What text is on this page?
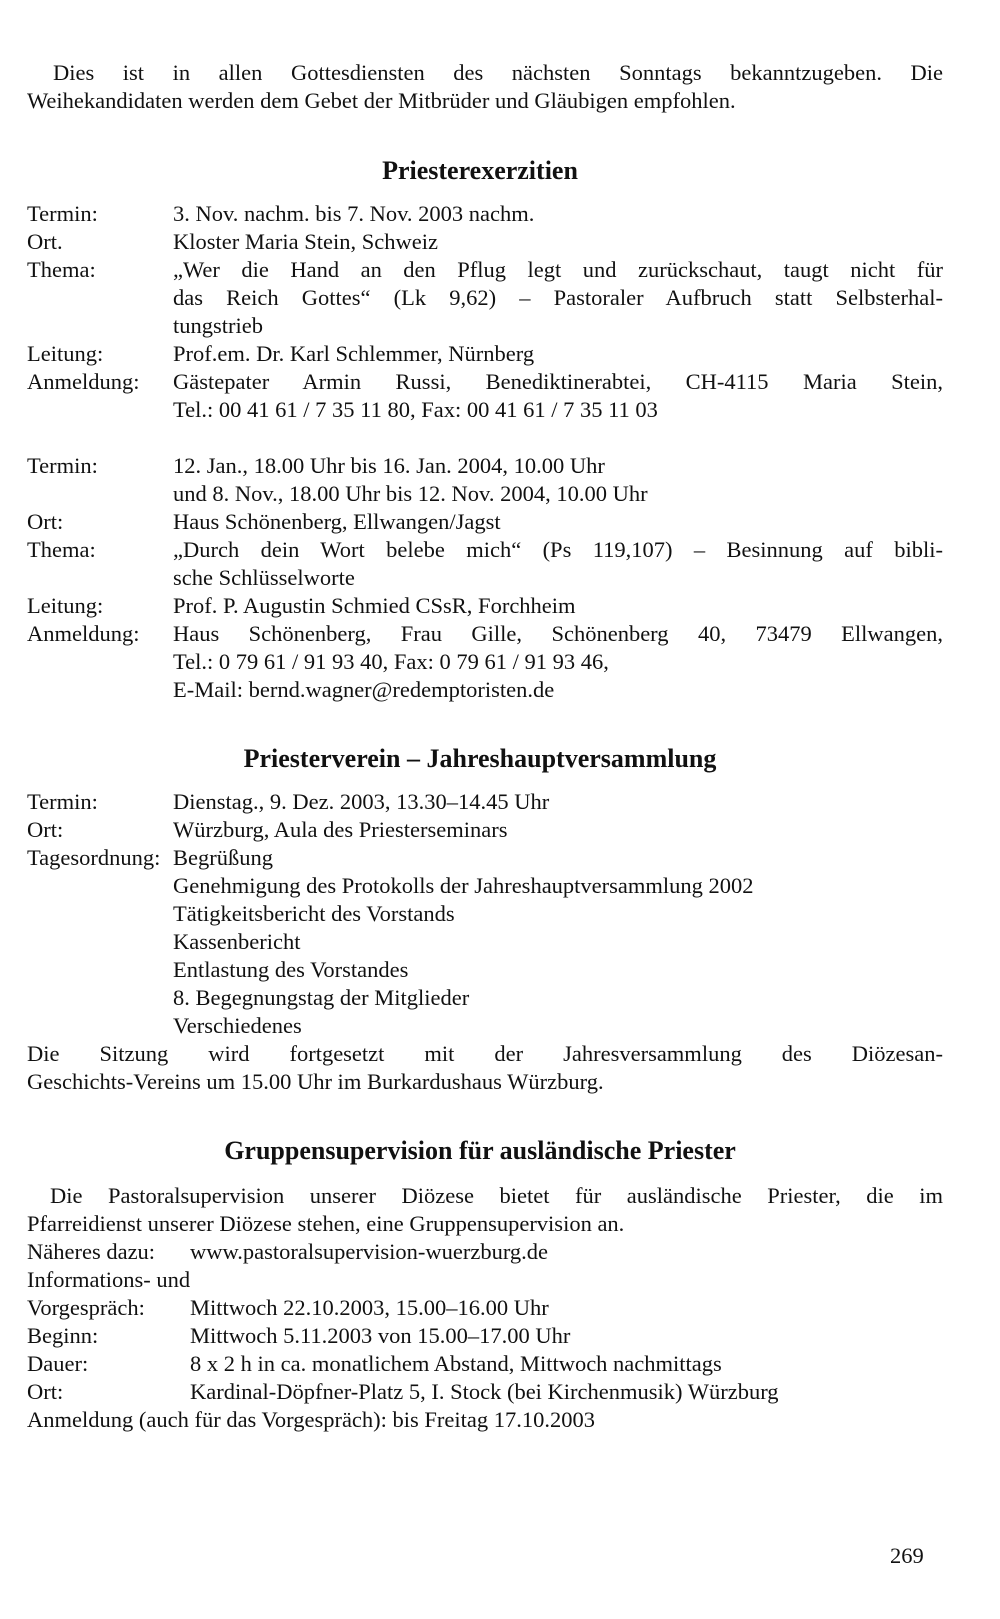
Dies ist in allen Gottesdiensten des nächsten Sonntags bekanntzugeben. Die
Weihekandidaten werden dem Gebet der Mitbrüder und Gläubigen empfohlen.
Priesterexerzitien
Termin:	3. Nov. nachm. bis 7. Nov. 2003 nachm.
Ort.	Kloster Maria Stein, Schweiz
Thema:	„Wer die Hand an den Pflug legt und zurückschaut, taugt nicht für
das Reich Gottes“ (Lk 9,62) – Pastoraler Aufbruch statt Selbsterhal-
tungstrieb
Leitung:	Prof.em. Dr. Karl Schlemmer, Nürnberg
Anmeldung: Gästepater Armin Russi, Benediktinerabtei, CH-4115 Maria Stein,
Tel.: 00 41 61 / 7 35 11 80, Fax: 00 41 61 / 7 35 11 03
Termin:	12. Jan., 18.00 Uhr bis 16. Jan. 2004, 10.00 Uhr
und 8. Nov., 18.00 Uhr bis 12. Nov. 2004, 10.00 Uhr
Ort:	Haus Schönenberg, Ellwangen/Jagst
Thema:	„Durch dein Wort belebe mich“ (Ps 119,107) – Besinnung auf bibli-
sche Schlüsselworte
Leitung:	Prof. P. Augustin Schmied CSsR, Forchheim
Anmeldung: Haus Schönenberg, Frau Gille, Schönenberg 40, 73479 Ellwangen,
Tel.: 0 79 61 / 91 93 40, Fax: 0 79 61 / 91 93 46,
E-Mail: bernd.wagner@redemptoristen.de
Priesterverein – Jahreshauptversammlung
Termin:	Dienstag., 9. Dez. 2003, 13.30–14.45 Uhr
Ort:	Würzburg, Aula des Priesterseminars
Tagesordnung: Begrüßung
Genehmigung des Protokolls der Jahreshauptversammlung 2002
Tätigkeitsbericht des Vorstands
Kassenbericht
Entlastung des Vorstandes
8. Begegnungstag der Mitglieder
Verschiedenes
Die Sitzung wird fortgesetzt mit der Jahresversammlung des Diözesan-
Geschichts-Vereins um 15.00 Uhr im Burkardushaus Würzburg.
Gruppensupervision für ausländische Priester
Die Pastoralsupervision unserer Diözese bietet für ausländische Priester, die im
Pfarreidienst unserer Diözese stehen, eine Gruppensupervision an.
Näheres dazu: www.pastoralsupervision-wuerzburg.de
Informations- und
Vorgespräch: Mittwoch 22.10.2003, 15.00–16.00 Uhr
Beginn:	Mittwoch 5.11.2003 von 15.00–17.00 Uhr
Dauer:	8 x 2 h in ca. monatlichem Abstand, Mittwoch nachmittags
Ort:	Kardinal-Döpfner-Platz 5, I. Stock (bei Kirchenmusik) Würzburg
Anmeldung (auch für das Vorgespräch): bis Freitag 17.10.2003
269
